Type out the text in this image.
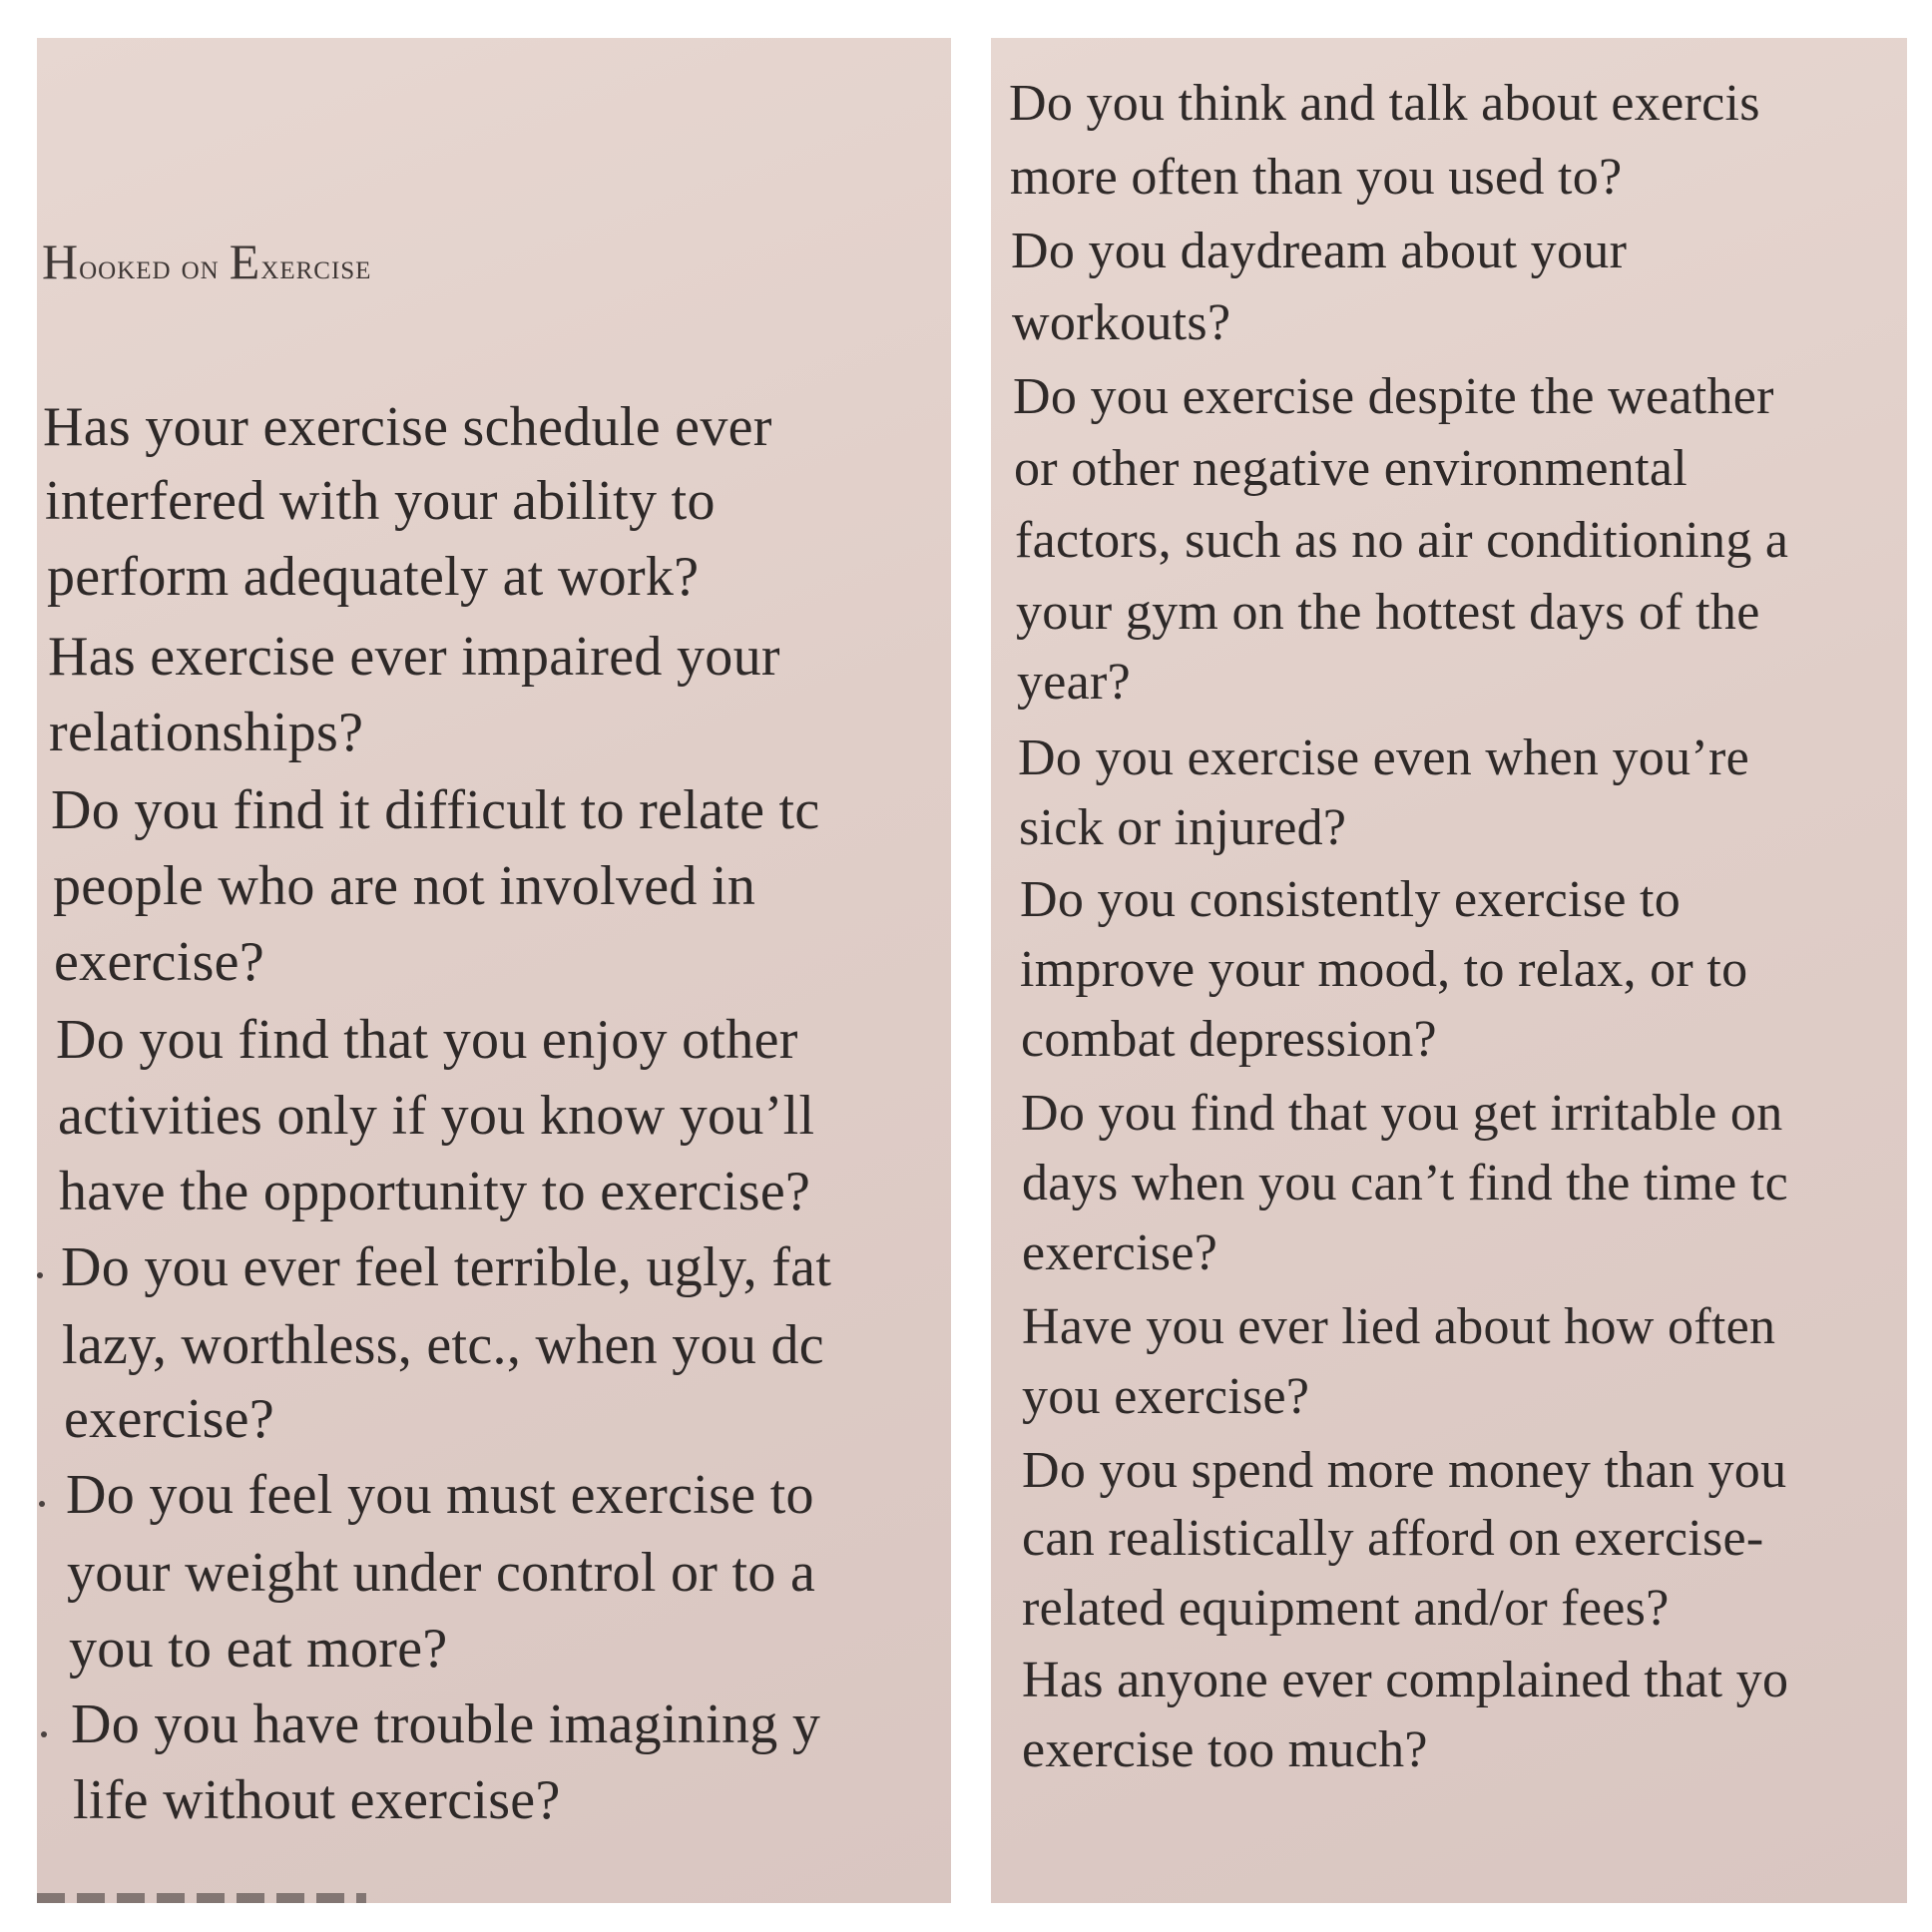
Hooked on Exercise
Has your exercise schedule ever
interfered with your ability to
perform adequately at work?
Has exercise ever impaired your
relationships?
Do you find it difficult to relate tc
people who are not involved in
exercise?
Do you find that you enjoy other
activities only if you know you’ll
have the opportunity to exercise?
Do you ever feel terrible, ugly, fat
lazy, worthless, etc., when you dc
exercise?
Do you feel you must exercise to
your weight under control or to a
you to eat more?
Do you have trouble imagining y
life without exercise?
Do you think and talk about exercis
more often than you used to?
Do you daydream about your
workouts?
Do you exercise despite the weather
or other negative environmental
factors, such as no air conditioning a
your gym on the hottest days of the
year?
Do you exercise even when you’re
sick or injured?
Do you consistently exercise to
improve your mood, to relax, or to
combat depression?
Do you find that you get irritable on
days when you can’t find the time tc
exercise?
Have you ever lied about how often
you exercise?
Do you spend more money than you
can realistically afford on exercise-
related equipment and/or fees?
Has anyone ever complained that yo
exercise too much?
